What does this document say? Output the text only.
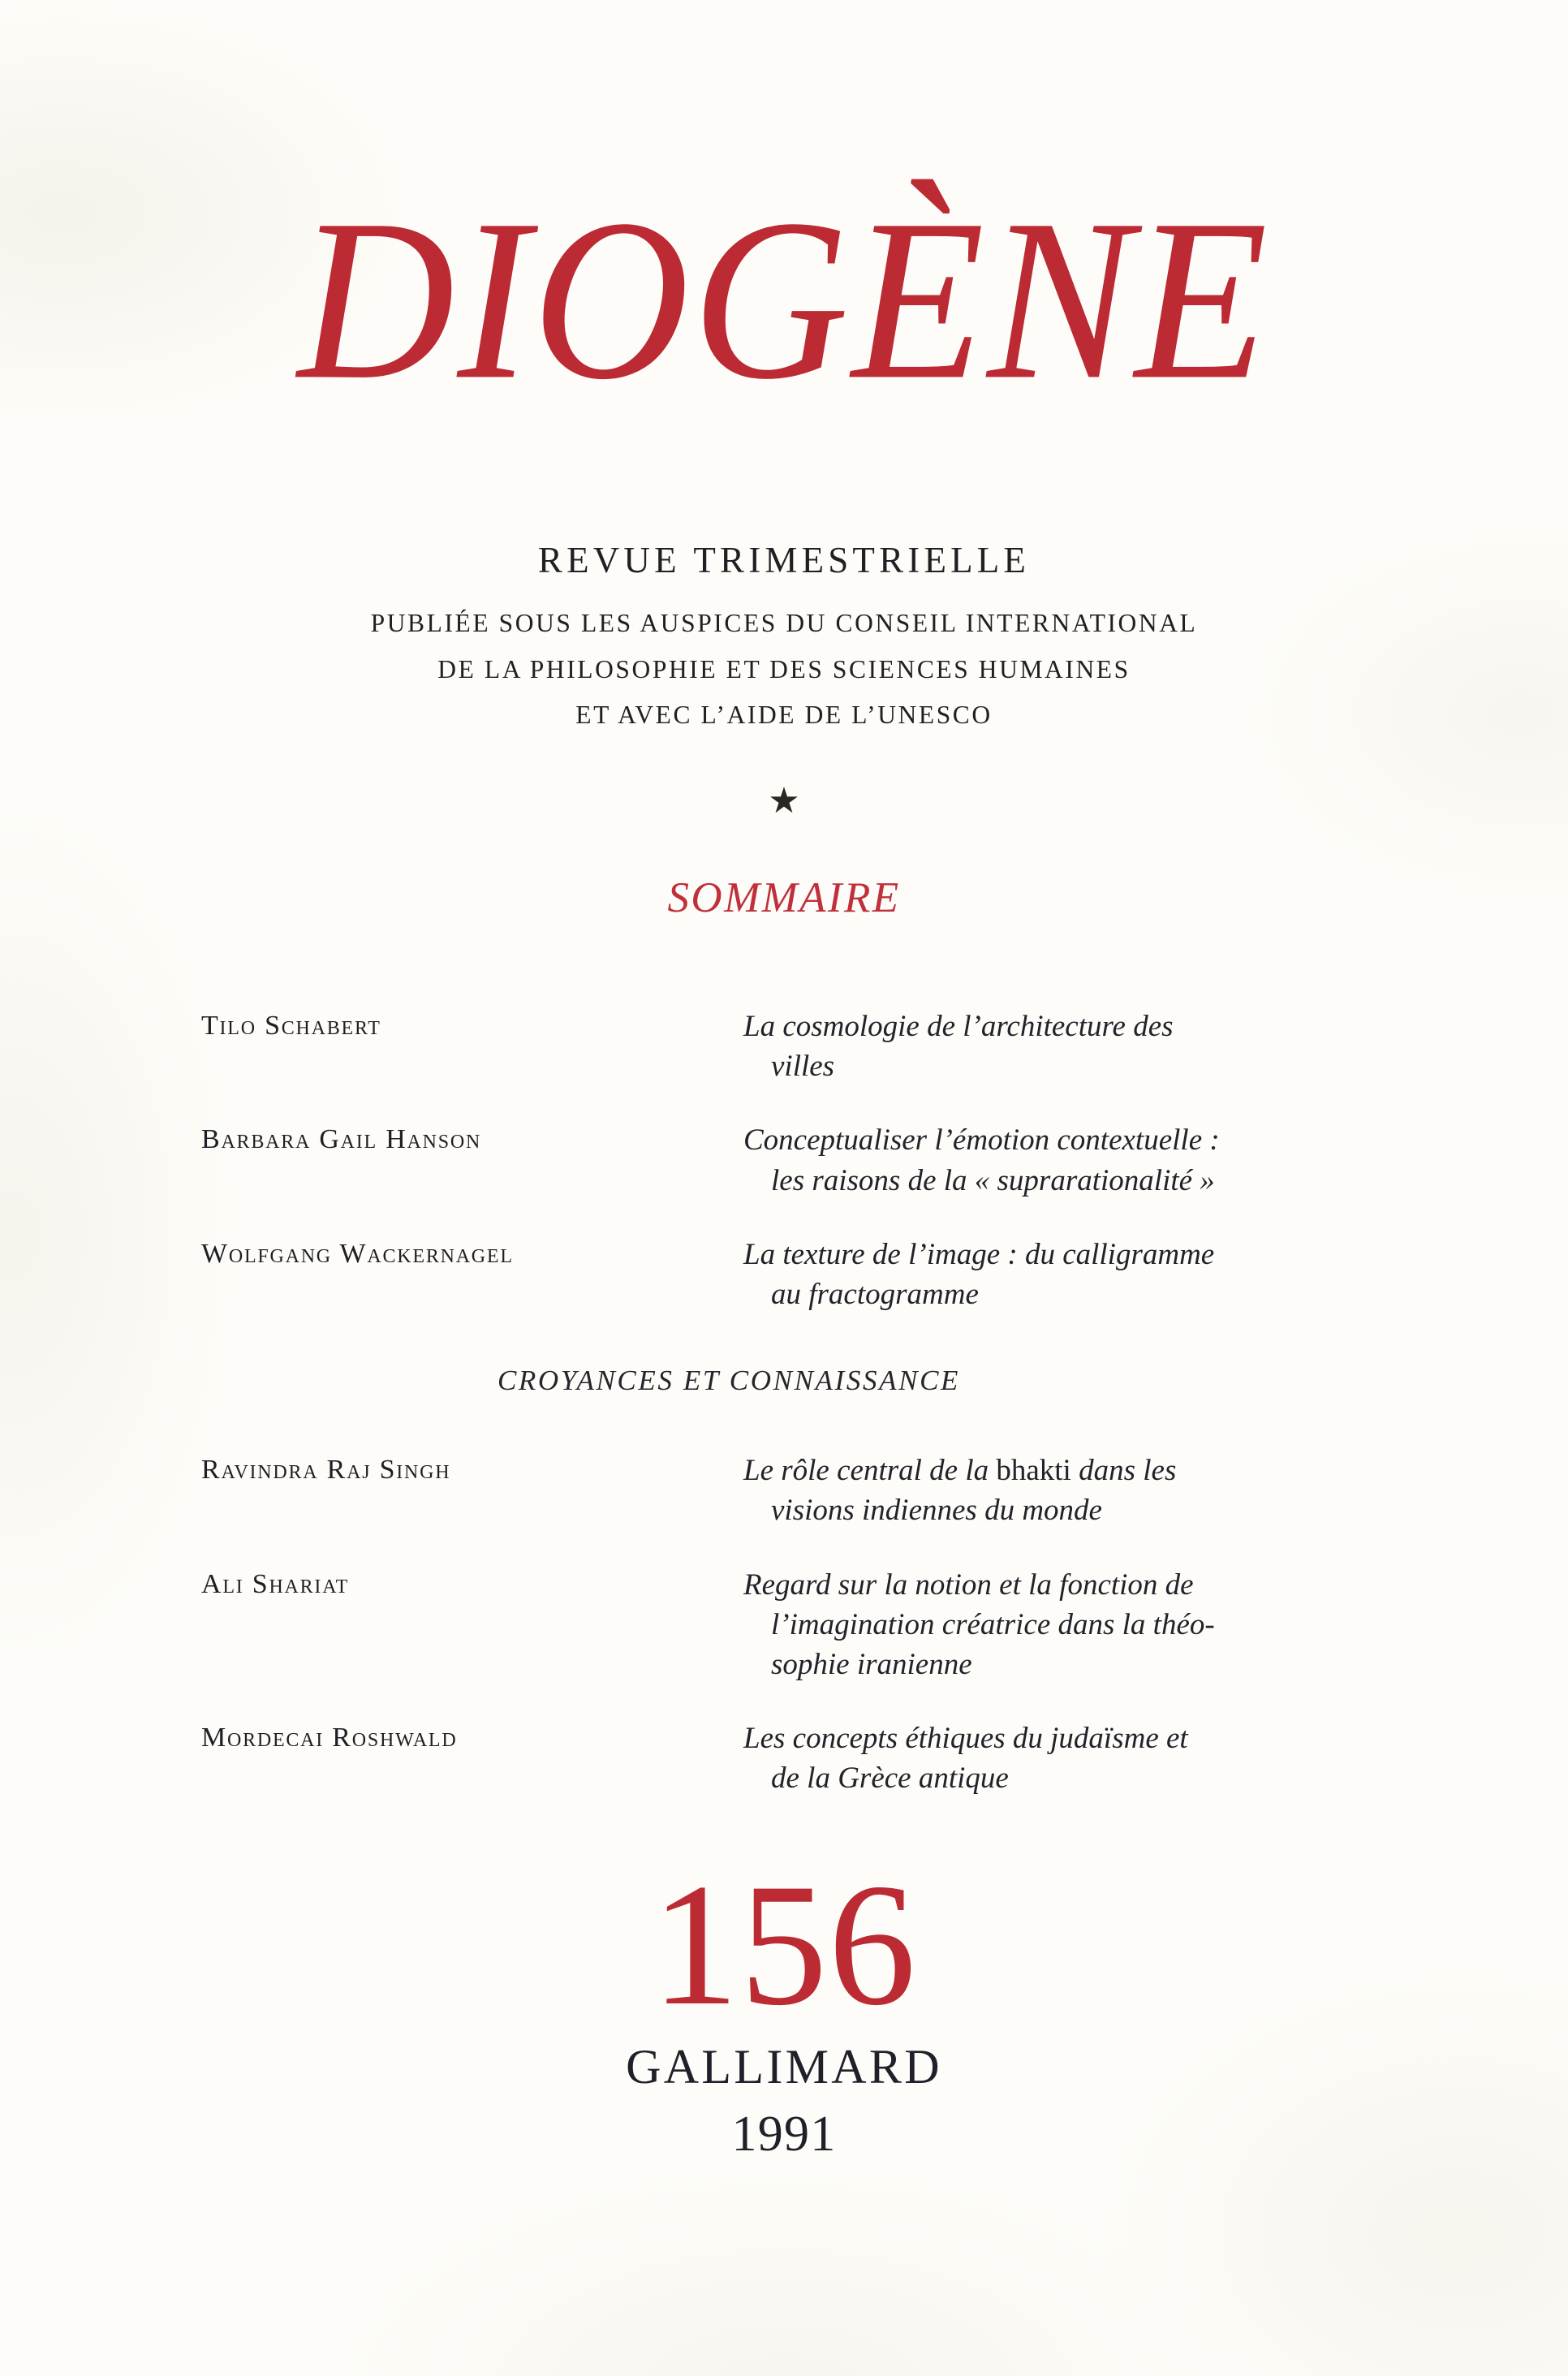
DIOGÈNE
REVUE TRIMESTRIELLE
PUBLIÉE SOUS LES AUSPICES DU CONSEIL INTERNATIONAL
DE LA PHILOSOPHIE ET DES SCIENCES HUMAINES
ET AVEC L’AIDE DE L’UNESCO
★
SOMMAIRE
Tilo Schabert	La cosmologie de l’architecture des
villes
Barbara Gail Hanson	Conceptualiser l’émotion contextuelle :
les raisons de la « suprarationalité »
Wolfgang Wackernagel	La texture de l’image : du calligramme
au fractogramme
CROYANCES ET CONNAISSANCE
Ravindra Raj Singh	Le rôle central de la bhakti dans les
visions indiennes du monde
Ali Shariat	Regard sur la notion et la fonction de
l’imagination créatrice dans la théo-
sophie iranienne
Mordecai Roshwald	Les concepts éthiques du judaïsme et
de la Grèce antique
156
GALLIMARD
1991
